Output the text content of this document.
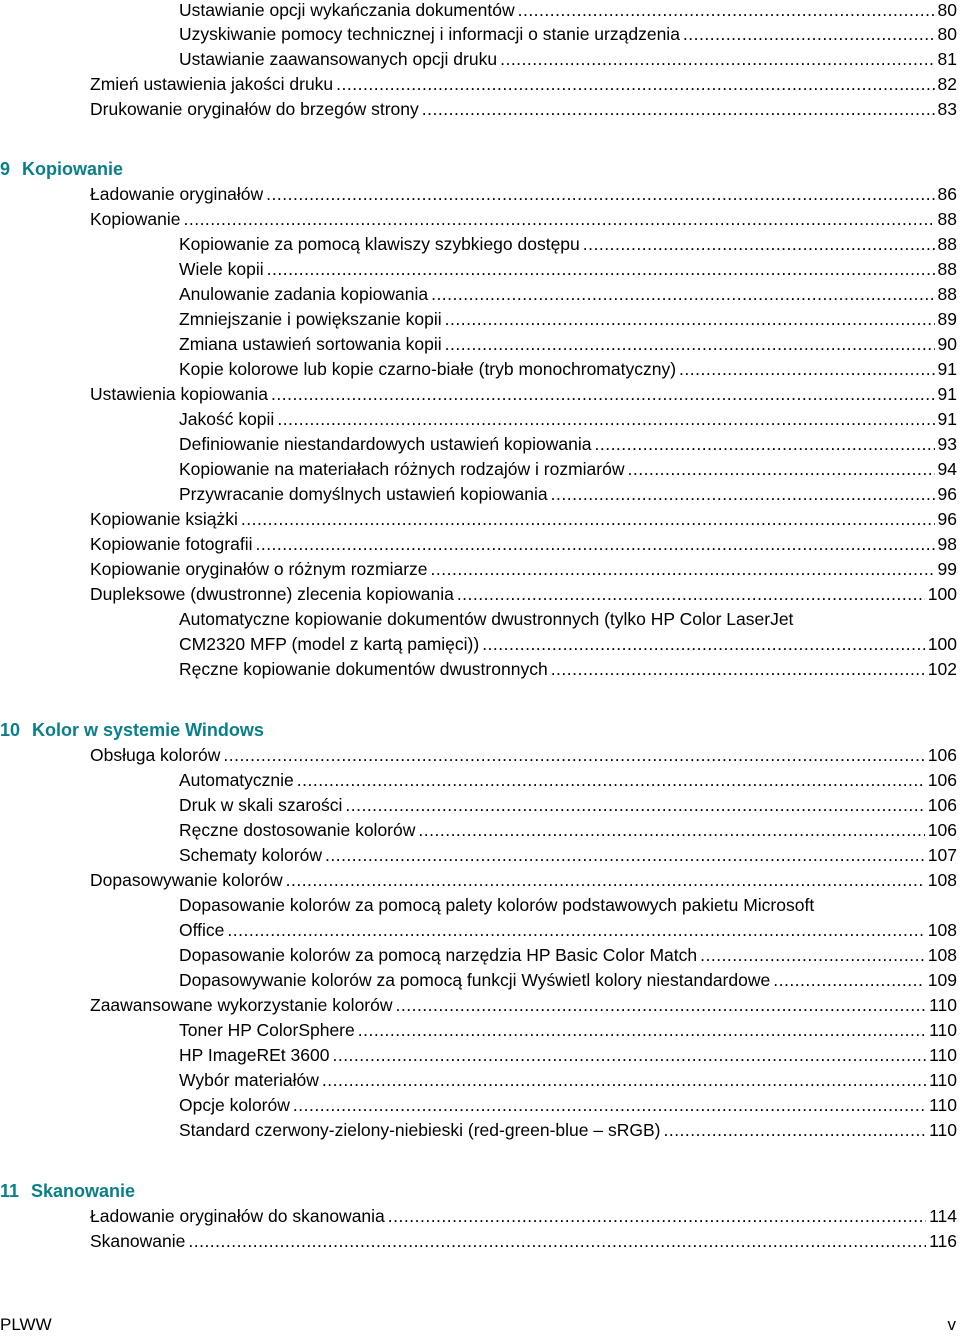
Ustawianie opcji wykańczania dokumentów .....	80
Uzyskiwanie pomocy technicznej i informacji o stanie urządzenia .....	80
Ustawianie zaawansowanych opcji druku .....	81
Zmień ustawienia jakości druku .....	82
Drukowanie oryginałów do brzegów strony .....	83
9 Kopiowanie
Ładowanie oryginałów .....	86
Kopiowanie .....	88
Kopiowanie za pomocą klawiszy szybkiego dostępu .....	88
Wiele kopii .....	88
Anulowanie zadania kopiowania .....	88
Zmniejszanie i powiększanie kopii .....	89
Zmiana ustawień sortowania kopii .....	90
Kopie kolorowe lub kopie czarno-białe (tryb monochromatyczny) .....	91
Ustawienia kopiowania .....	91
Jakość kopii .....	91
Definiowanie niestandardowych ustawień kopiowania .....	93
Kopiowanie na materiałach różnych rodzajów i rozmiarów .....	94
Przywracanie domyślnych ustawień kopiowania .....	96
Kopiowanie książki .....	96
Kopiowanie fotografii .....	98
Kopiowanie oryginałów o różnym rozmiarze .....	99
Dupleksowe (dwustronne) zlecenia kopiowania .....	100
Automatyczne kopiowanie dokumentów dwustronnych (tylko HP Color LaserJet
CM2320 MFP (model z kartą pamięci)) .....	100
Ręczne kopiowanie dokumentów dwustronnych .....	102
10 Kolor w systemie Windows
Obsługa kolorów .....	106
Automatycznie .....	106
Druk w skali szarości .....	106
Ręczne dostosowanie kolorów .....	106
Schematy kolorów .....	107
Dopasowywanie kolorów .....	108
Dopasowanie kolorów za pomocą palety kolorów podstawowych pakietu Microsoft
Office .....	108
Dopasowanie kolorów za pomocą narzędzia HP Basic Color Match .....	108
Dopasowywanie kolorów za pomocą funkcji Wyświetl kolory niestandardowe .....	109
Zaawansowane wykorzystanie kolorów .....	110
Toner HP ColorSphere .....	110
HP ImageREt 3600 .....	110
Wybór materiałów .....	110
Opcje kolorów .....	110
Standard czerwony-zielony-niebieski (red-green-blue – sRGB) .....	110
11 Skanowanie
Ładowanie oryginałów do skanowania .....	114
Skanowanie .....	116
PLWW	v
